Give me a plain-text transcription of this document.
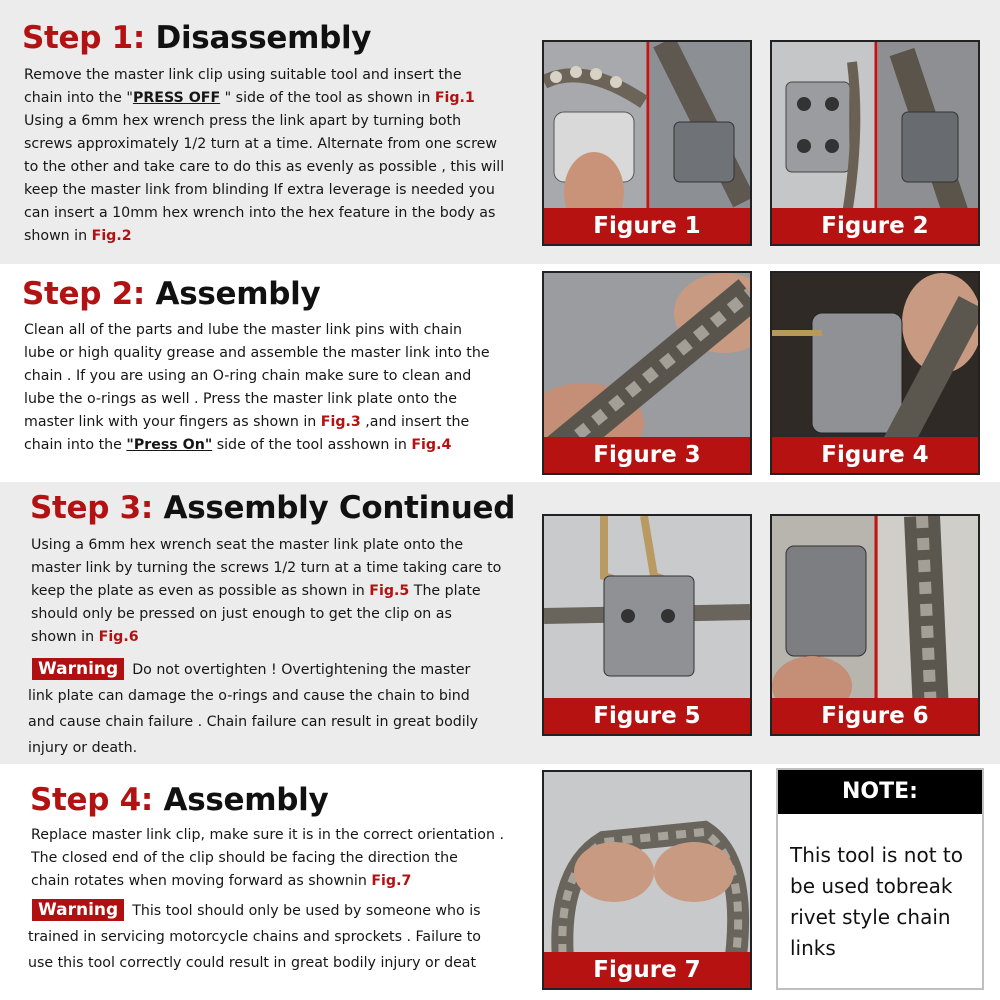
Step 1: Disassembly
Remove the master link clip using suitable tool and insert the
chain into the "PRESS OFF " side of the tool as shown in Fig.1
Using a 6mm hex wrench press the link apart by turning both
screws approximately 1/2 turn at a time. Alternate from one screw
to the other and take care to do this as evenly as possible , this will
keep the master link from blinding If extra leverage is needed you
can insert a 10mm hex wrench into the hex feature in the body as
shown in Fig.2
Step 2: Assembly
Clean all of the parts and lube the master link pins with chain
lube or high quality grease and assemble the master link into the
chain . If you are using an O-ring chain make sure to clean and
lube the o-rings as well . Press the master link plate onto the
master link with your fingers as shown in Fig.3 ,and insert the
chain into the "Press On" side of the tool asshown in Fig.4
Step 3: Assembly Continued
Using a 6mm hex wrench seat the master link plate onto the
master link by turning the screws 1/2 turn at a time taking care to
keep the plate as even as possible as shown in Fig.5 The plate
should only be pressed on just enough to get the clip on as
shown in Fig.6
Warning Do not overtighten ! Overtightening the master
link plate can damage the o-rings and cause the chain to bind
and cause chain failure . Chain failure can result in great bodily
injury or death.
Step 4: Assembly
Replace master link clip, make sure it is in the correct orientation .
The closed end of the clip should be facing the direction the
chain rotates when moving forward as shownin Fig.7
Warning This tool should only be used by someone who is
trained in servicing motorcycle chains and sprockets . Failure to
use this tool correctly could result in great bodily injury or deat
Figure 1	Figure 2
Figure 3	Figure 4
Figure 5	Figure 6
Figure 7
NOTE:
This tool is not to
be used tobreak
rivet style chain
links
